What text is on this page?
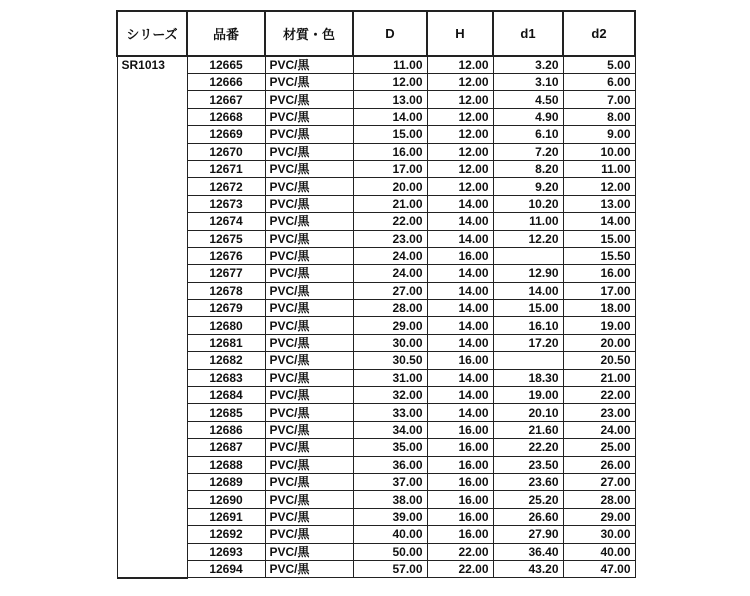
シリーズ	品番	材質・色	D	H	d1	d2
SR1013	12665	PVC/黒	11.00	12.00	3.20	5.00
	12666	PVC/黒	12.00	12.00	3.10	6.00
	12667	PVC/黒	13.00	12.00	4.50	7.00
	12668	PVC/黒	14.00	12.00	4.90	8.00
	12669	PVC/黒	15.00	12.00	6.10	9.00
	12670	PVC/黒	16.00	12.00	7.20	10.00
	12671	PVC/黒	17.00	12.00	8.20	11.00
	12672	PVC/黒	20.00	12.00	9.20	12.00
	12673	PVC/黒	21.00	14.00	10.20	13.00
	12674	PVC/黒	22.00	14.00	11.00	14.00
	12675	PVC/黒	23.00	14.00	12.20	15.00
	12676	PVC/黒	24.00	16.00		15.50
	12677	PVC/黒	24.00	14.00	12.90	16.00
	12678	PVC/黒	27.00	14.00	14.00	17.00
	12679	PVC/黒	28.00	14.00	15.00	18.00
	12680	PVC/黒	29.00	14.00	16.10	19.00
	12681	PVC/黒	30.00	14.00	17.20	20.00
	12682	PVC/黒	30.50	16.00		20.50
	12683	PVC/黒	31.00	14.00	18.30	21.00
	12684	PVC/黒	32.00	14.00	19.00	22.00
	12685	PVC/黒	33.00	14.00	20.10	23.00
	12686	PVC/黒	34.00	16.00	21.60	24.00
	12687	PVC/黒	35.00	16.00	22.20	25.00
	12688	PVC/黒	36.00	16.00	23.50	26.00
	12689	PVC/黒	37.00	16.00	23.60	27.00
	12690	PVC/黒	38.00	16.00	25.20	28.00
	12691	PVC/黒	39.00	16.00	26.60	29.00
	12692	PVC/黒	40.00	16.00	27.90	30.00
	12693	PVC/黒	50.00	22.00	36.40	40.00
	12694	PVC/黒	57.00	22.00	43.20	47.00
